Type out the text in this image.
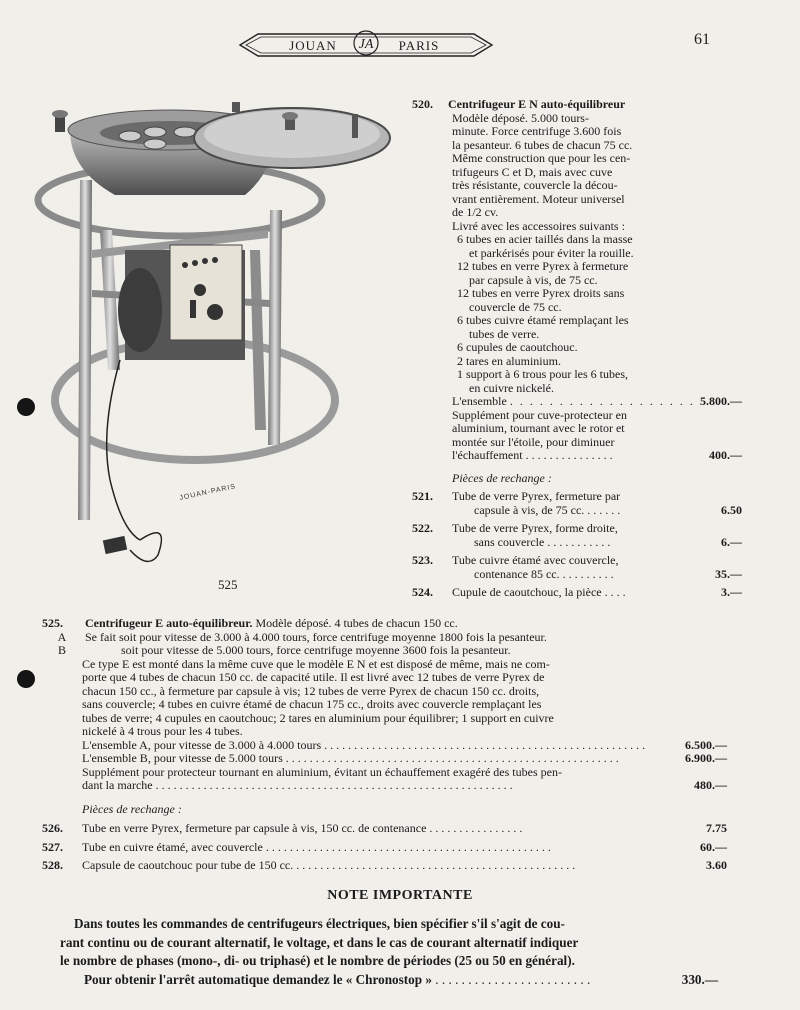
JOUAN	PARIS
JA	61
JOUAN-PARIS
525
520. Centrifugeur E N auto-équilibreur
Modèle déposé. 5.000 tours-
minute. Force centrifuge 3.600 fois
la pesanteur. 6 tubes de chacun 75 cc.
Même construction que pour les cen-
trifugeurs C et D, mais avec cuve
très résistante, couvercle la décou-
vrant entièrement. Moteur universel
de 1/2 cv.
Livré avec les accessoires suivants :
6 tubes en acier taillés dans la masse
et parkérisés pour éviter la rouille.
12 tubes en verre Pyrex à fermeture
par capsule à vis, de 75 cc.
12 tubes en verre Pyrex droits sans
couvercle de 75 cc.
6 tubes cuivre étamé remplaçant les
tubes de verre.
6 cupules de caoutchouc.
2 tares en aluminium.
1 support à 6 trous pour les 6 tubes,
en cuivre nickelé.
L'ensemble . . . . . . . . . . . . . . . . . . . 5.800.—
Supplément pour cuve-protecteur en
aluminium, tournant avec le rotor et
montée sur l'étoile, pour diminuer
l'échauffement . . . . . . . . . . . . . . .	400.—
Pièces de rechange :
521. Tube de verre Pyrex, fermeture par
capsule à vis, de 75 cc. . . . . . .	6.50
522. Tube de verre Pyrex, forme droite,
sans couvercle . . . . . . . . . . .	6.—
523. Tube cuivre étamé avec couvercle,
contenance 85 cc. . . . . . . . . .	35.—
524. Cupule de caoutchouc, la pièce . . . .	3.—
525. Centrifugeur E auto-équilibreur. Modèle déposé. 4 tubes de chacun 150 cc.
A Se fait soit pour vitesse de 3.000 à 4.000 tours, force centrifuge moyenne 1800 fois la pesanteur.
B	soit pour vitesse de 5.000 tours, force centrifuge moyenne 3600 fois la pesanteur.
Ce type E est monté dans la même cuve que le modèle E N et est disposé de même, mais ne com-
porte que 4 tubes de chacun 150 cc. de capacité utile. Il est livré avec 12 tubes de verre Pyrex de
chacun 150 cc., à fermeture par capsule à vis; 12 tubes de verre Pyrex de chacun 150 cc. droits,
sans couvercle; 4 tubes en cuivre étamé de chacun 175 cc., droits avec couvercle remplaçant les
tubes de verre; 4 cupules en caoutchouc; 2 tares en aluminium pour équilibrer; 1 support en cuivre
nickelé à 4 trous pour les 4 tubes.
L'ensemble A, pour vitesse de 3.000 à 4.000 tours . . . . . . . . . . . . . . . . . . . . . . . . . . . . . . . . . . . . . . . . . . . . . . . . . . . . . .	6.500.—
L'ensemble B, pour vitesse de 5.000 tours . . . . . . . . . . . . . . . . . . . . . . . . . . . . . . . . . . . . . . . . . . . . . . . . . . . . . . . .	6.900.—
Supplément pour protecteur tournant en aluminium, évitant un échauffement exagéré des tubes pen-
dant la marche . . . . . . . . . . . . . . . . . . . . . . . . . . . . . . . . . . . . . . . . . . . . . . . . . . . . . . . . . . . .	480.—
Pièces de rechange :
526. Tube en verre Pyrex, fermeture par capsule à vis, 150 cc. de contenance . . . . . . . . . . . . . . . .	7.75
527. Tube en cuivre étamé, avec couvercle . . . . . . . . . . . . . . . . . . . . . . . . . . . . . . . . . . . . . . . . . . . . . . . .	60.—
528. Capsule de caoutchouc pour tube de 150 cc. . . . . . . . . . . . . . . . . . . . . . . . . . . . . . . . . . . . . . . . . . . . . . . .	3.60
NOTE IMPORTANTE
Dans toutes les commandes de centrifugeurs électriques, bien spécifier s'il s'agit de cou-
rant continu ou de courant alternatif, le voltage, et dans le cas de courant alternatif indiquer
le nombre de phases (mono-, di- ou triphasé) et le nombre de périodes (25 ou 50 en général).
Pour obtenir l'arrêt automatique demandez le « Chronostop » . . . . . . . . . . . . . . . . . . . . . . . .	330.—
